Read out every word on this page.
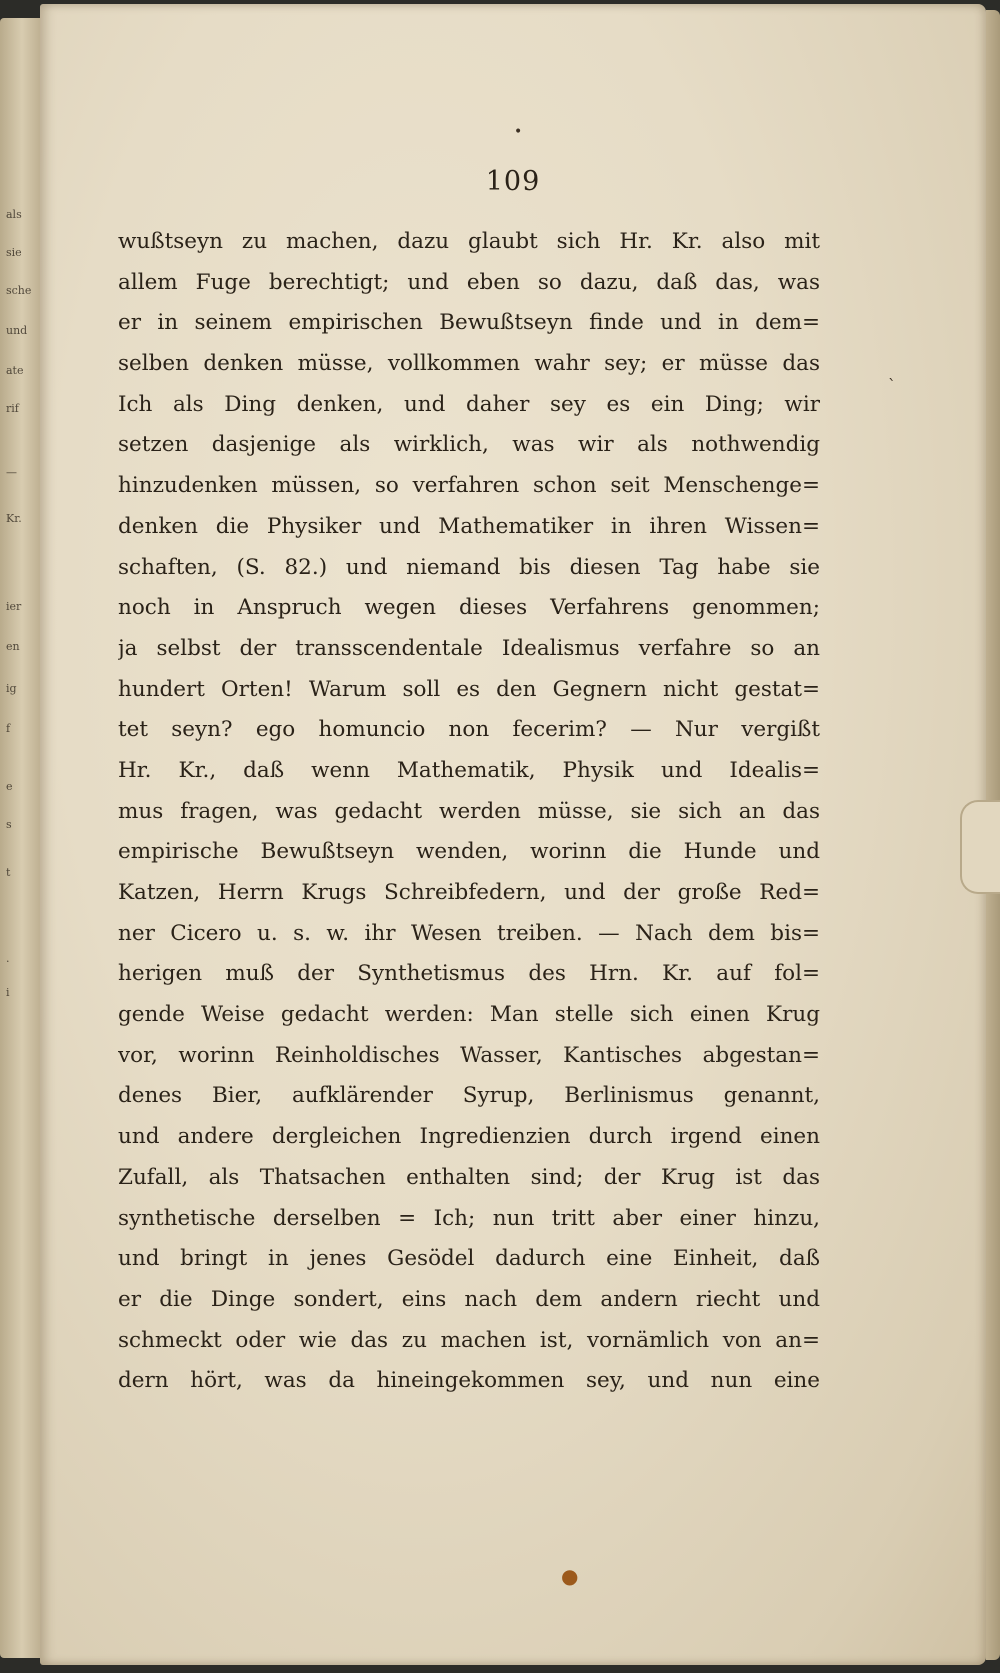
als
sie
sche
und
ate
rif
—
Kr.
ier
en
ig
f
e
s
t
.
i
•
109
ˋ
wußtseyn zu machen, dazu glaubt sich Hr. Kr. also mit
allem Fuge berechtigt; und eben so dazu, daß das, was
er in seinem empirischen Bewußtseyn finde und in dem=
selben denken müsse, vollkommen wahr sey; er müsse das
Ich als Ding denken, und daher sey es ein Ding; wir
setzen dasjenige als wirklich, was wir als nothwendig
hinzudenken müssen, so verfahren schon seit Menschenge=
denken die Physiker und Mathematiker in ihren Wissen=
schaften, (S. 82.) und niemand bis diesen Tag habe sie
noch in Anspruch wegen dieses Verfahrens genommen;
ja selbst der transscendentale Idealismus verfahre so an
hundert Orten! Warum soll es den Gegnern nicht gestat=
tet seyn? ego homuncio non fecerim? — Nur vergißt
Hr. Kr., daß wenn Mathematik, Physik und Idealis=
mus fragen, was gedacht werden müsse, sie sich an das
empirische Bewußtseyn wenden, worinn die Hunde und
Katzen, Herrn Krugs Schreibfedern, und der große Red=
ner Cicero u. s. w. ihr Wesen treiben. — Nach dem bis=
herigen muß der Synthetismus des Hrn. Kr. auf fol=
gende Weise gedacht werden: Man stelle sich einen Krug
vor, worinn Reinholdisches Wasser, Kantisches abgestan=
denes Bier, aufklärender Syrup, Berlinismus genannt,
und andere dergleichen Ingredienzien durch irgend einen
Zufall, als Thatsachen enthalten sind; der Krug ist das
synthetische derselben = Ich; nun tritt aber einer hinzu,
und bringt in jenes Gesödel dadurch eine Einheit, daß
er die Dinge sondert, eins nach dem andern riecht und
schmeckt oder wie das zu machen ist, vornämlich von an=
dern hört, was da hineingekommen sey, und nun eine
●
